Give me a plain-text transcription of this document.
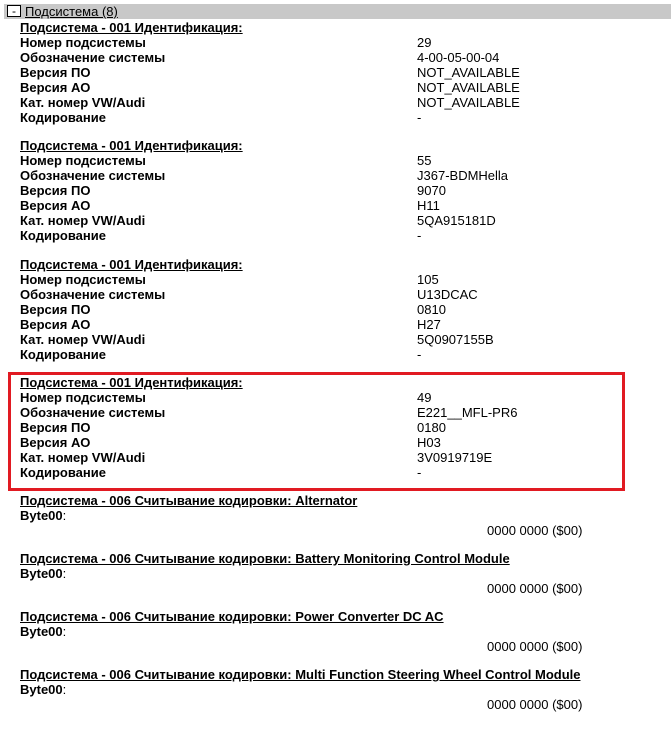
- Подсистема (8)
Подсистема - 001 Идентификация:
Номер подсистемы	29
Обозначение системы	4-00-05-00-04
Версия ПО	NOT_AVAILABLE
Версия АО	NOT_AVAILABLE
Кат. номер VW/Audi	NOT_AVAILABLE
Кодирование	-
Подсистема - 001 Идентификация:
Номер подсистемы	55
Обозначение системы	J367-BDMHella
Версия ПО	9070
Версия АО	H11
Кат. номер VW/Audi	5QA915181D
Кодирование	-
Подсистема - 001 Идентификация:
Номер подсистемы	105
Обозначение системы	U13DCAC
Версия ПО	0810
Версия АО	H27
Кат. номер VW/Audi	5Q0907155B
Кодирование	-
Подсистема - 001 Идентификация:
Номер подсистемы	49
Обозначение системы	E221__MFL-PR6
Версия ПО	0180
Версия АО	H03
Кат. номер VW/Audi	3V0919719E
Кодирование	-
Подсистема - 006 Считывание кодировки: Alternator
Byte00:
0000 0000 ($00)
Подсистема - 006 Считывание кодировки: Battery Monitoring Control Module
Byte00:
0000 0000 ($00)
Подсистема - 006 Считывание кодировки: Power Converter DC AC
Byte00:
0000 0000 ($00)
Подсистема - 006 Считывание кодировки: Multi Function Steering Wheel Control Module
Byte00:
0000 0000 ($00)
